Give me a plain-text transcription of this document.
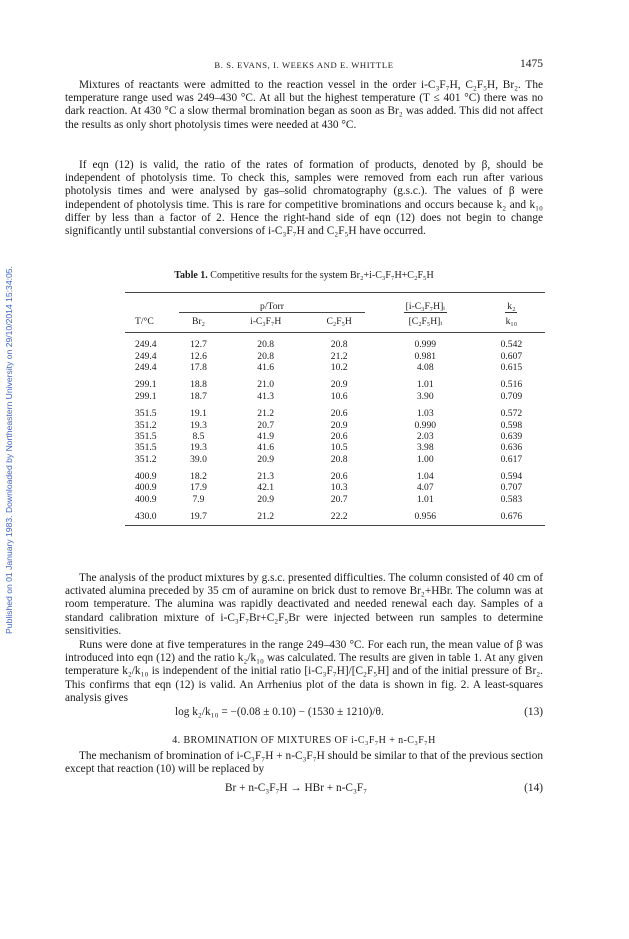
Published on 01 January 1983. Downloaded by Northeastern University on 29/10/2014 15:34:05.
B. S. EVANS, I. WEEKS AND E. WHITTLE	1475

Mixtures of reactants were admitted to the reaction vessel in the order i-C₃F₇H, C₂F₅H, Br₂. The temperature range used was 249–430 °C. At all but the highest temperature (T ≤ 401 °C) there was no dark reaction. At 430 °C a slow thermal bromination began as soon as Br₂ was added. This did not affect the results as only short photolysis times were needed at 430 °C.

If eqn (12) is valid, the ratio of the rates of formation of products, denoted by β, should be independent of photolysis time. To check this, samples were removed from each run after various photolysis times and were analysed by gas–solid chromatography (g.s.c.). The values of β were independent of photolysis time. This is rare for competitive brominations and occurs because k₂ and k₁₀ differ by less than a factor of 2. Hence the right-hand side of eqn (12) does not begin to change significantly until substantial conversions of i-C₃F₇H and C₂F₅H have occurred.

Table 1. Competitive results for the system Br₂+i-C₃F₇H+C₂F₅H

	p/Torr			[i-C₃F₇H]ᵢ	k₂

T/°C	Br₂	i-C₃F₇H	C₂F₅H	[C₂F₅H]ᵢ	k₁₀

249.4	12.7	20.8	20.8	0.999	0.542
249.4	12.6	20.8	21.2	0.981	0.607
249.4	17.8	41.6	10.2	4.08	0.615

299.1	18.8	21.0	20.9	1.01	0.516
299.1	18.7	41.3	10.6	3.90	0.709

351.5	19.1	21.2	20.6	1.03	0.572
351.2	19.3	20.7	20.9	0.990	0.598
351.5	8.5	41.9	20.6	2.03	0.639
351.5	19.3	41.6	10.5	3.98	0.636
351.2	39.0	20.9	20.8	1.00	0.617

400.9	18.2	21.3	20.6	1.04	0.594
400.9	17.9	42.1	10.3	4.07	0.707
400.9	7.9	20.9	20.7	1.01	0.583

430.0	19.7	21.2	22.2	0.956	0.676

The analysis of the product mixtures by g.s.c. presented difficulties. The column consisted of 40 cm of activated alumina preceded by 35 cm of auramine on brick dust to remove Br₂+HBr. The column was at room temperature. The alumina was rapidly deactivated and needed renewal each day. Samples of a standard calibration mixture of i-C₃F₇Br+C₂F₅Br were injected between run samples to determine sensitivities.

Runs were done at five temperatures in the range 249–430 °C. For each run, the mean value of β was introduced into eqn (12) and the ratio k₂/k₁₀ was calculated. The results are given in table 1. At any given temperature k₂/k₁₀ is independent of the initial ratio [i-C₃F₇H]/[C₂F₅H] and of the initial pressure of Br₂. This confirms that eqn (12) is valid. An Arrhenius plot of the data is shown in fig. 2. A least-squares analysis gives

log k₂/k₁₀ = −(0.08 ± 0.10) − (1530 ± 1210)/θ.	(13)
4. BROMINATION OF MIXTURES OF i-C₃F₇H + n-C₃F₇H

The mechanism of bromination of i-C₃F₇H + n-C₃F₇H should be similar to that of the previous section except that reaction (10) will be replaced by

Br + n-C₃F₇H → HBr + n-C₃F₇	(14)
